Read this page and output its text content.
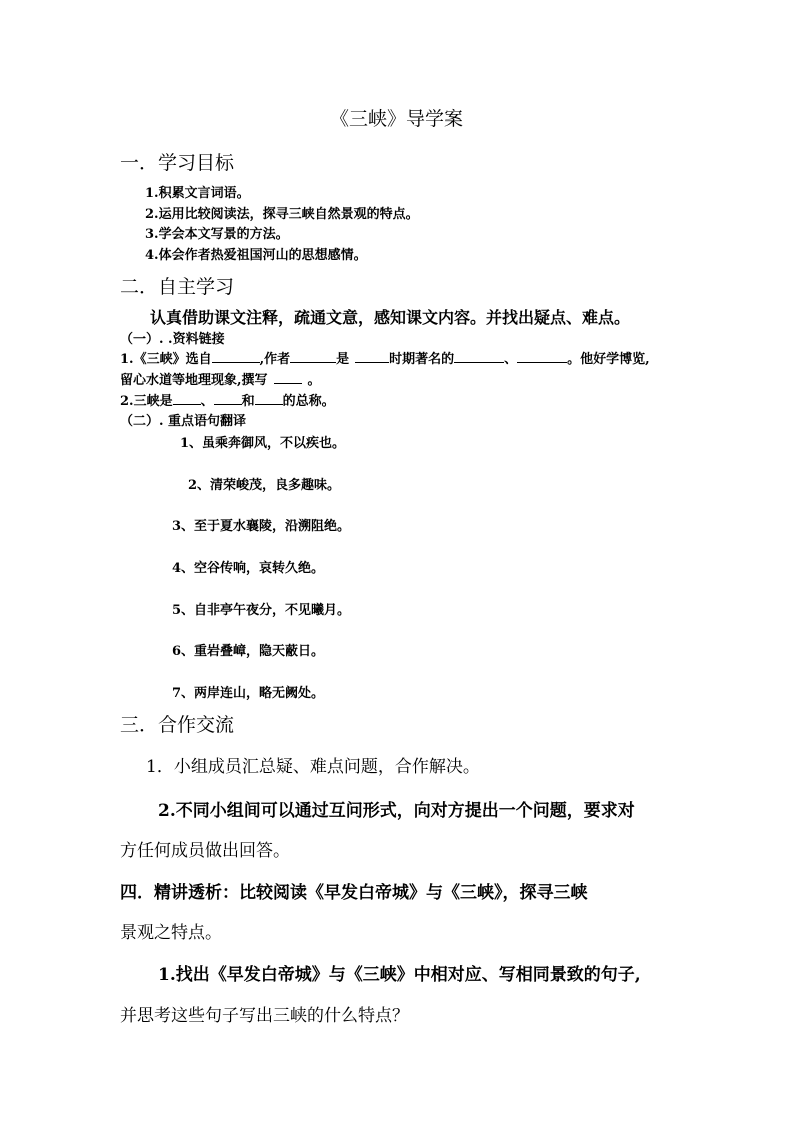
《三峡》导学案
一．学习目标
1.积累文言词语。
2.运用比较阅读法，探寻三峡自然景观的特点。
3.学会本文写景的方法。
4.体会作者热爱祖国河山的思想感情。
二．自主学习
认真借助课文注释，疏通文意，感知课文内容。并找出疑点、难点。
（一）. .资料链接
1.《三峡》选自	,作者	是	时期著名的	、	。他好学博览,
留心水道等地理现象,撰写	。
2.三峡是 、 和 的总称。
（二）. 重点语句翻译
1、虽乘奔御风，不以疾也。
2、清荣峻茂，良多趣味。
3、至于夏水襄陵，沿溯阻绝。
4、空谷传响，哀转久绝。
5、自非亭午夜分，不见曦月。
6、重岩叠嶂，隐天蔽日。
7、两岸连山，略无阙处。
三．合作交流
1．小组成员汇总疑、难点问题，合作解决。
2.不同小组间可以通过互问形式，向对方提出一个问题，要求对
方任何成员做出回答。
四．精讲透析：比较阅读《早发白帝城》与《三峡》，探寻三峡
景观之特点。
1.找出《早发白帝城》与《三峡》中相对应、写相同景致的句子,
并思考这些句子写出三峡的什么特点？
